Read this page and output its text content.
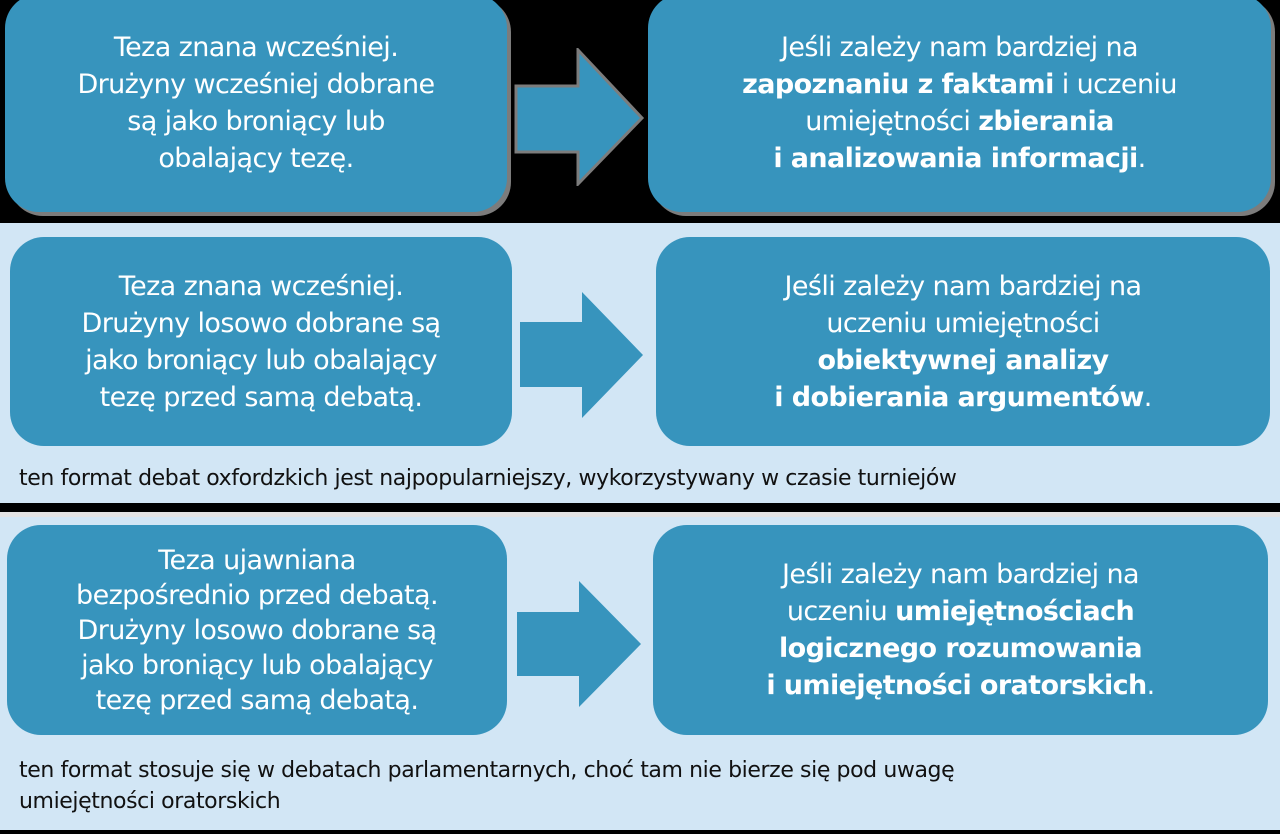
Teza znana wcześniej.
Drużyny wcześniej dobrane
są jako broniący lub
obalający tezę.
Jeśli zależy nam bardziej na
zapoznaniu z faktami i uczeniu
umiejętności zbierania
i analizowania informacji.
Teza znana wcześniej.
Drużyny losowo dobrane są
jako broniący lub obalający
tezę przed samą debatą.
Jeśli zależy nam bardziej na
uczeniu umiejętności
obiektywnej analizy
i dobierania argumentów.
ten format debat oxfordzkich jest najpopularniejszy, wykorzystywany w czasie turniejów
Teza ujawniana
bezpośrednio przed debatą.
Drużyny losowo dobrane są
jako broniący lub obalający
tezę przed samą debatą.
Jeśli zależy nam bardziej na
uczeniu umiejętnościach
logicznego rozumowania
i umiejętności oratorskich.
ten format stosuje się w debatach parlamentarnych, choć tam nie bierze się pod uwagę
umiejętności oratorskich
